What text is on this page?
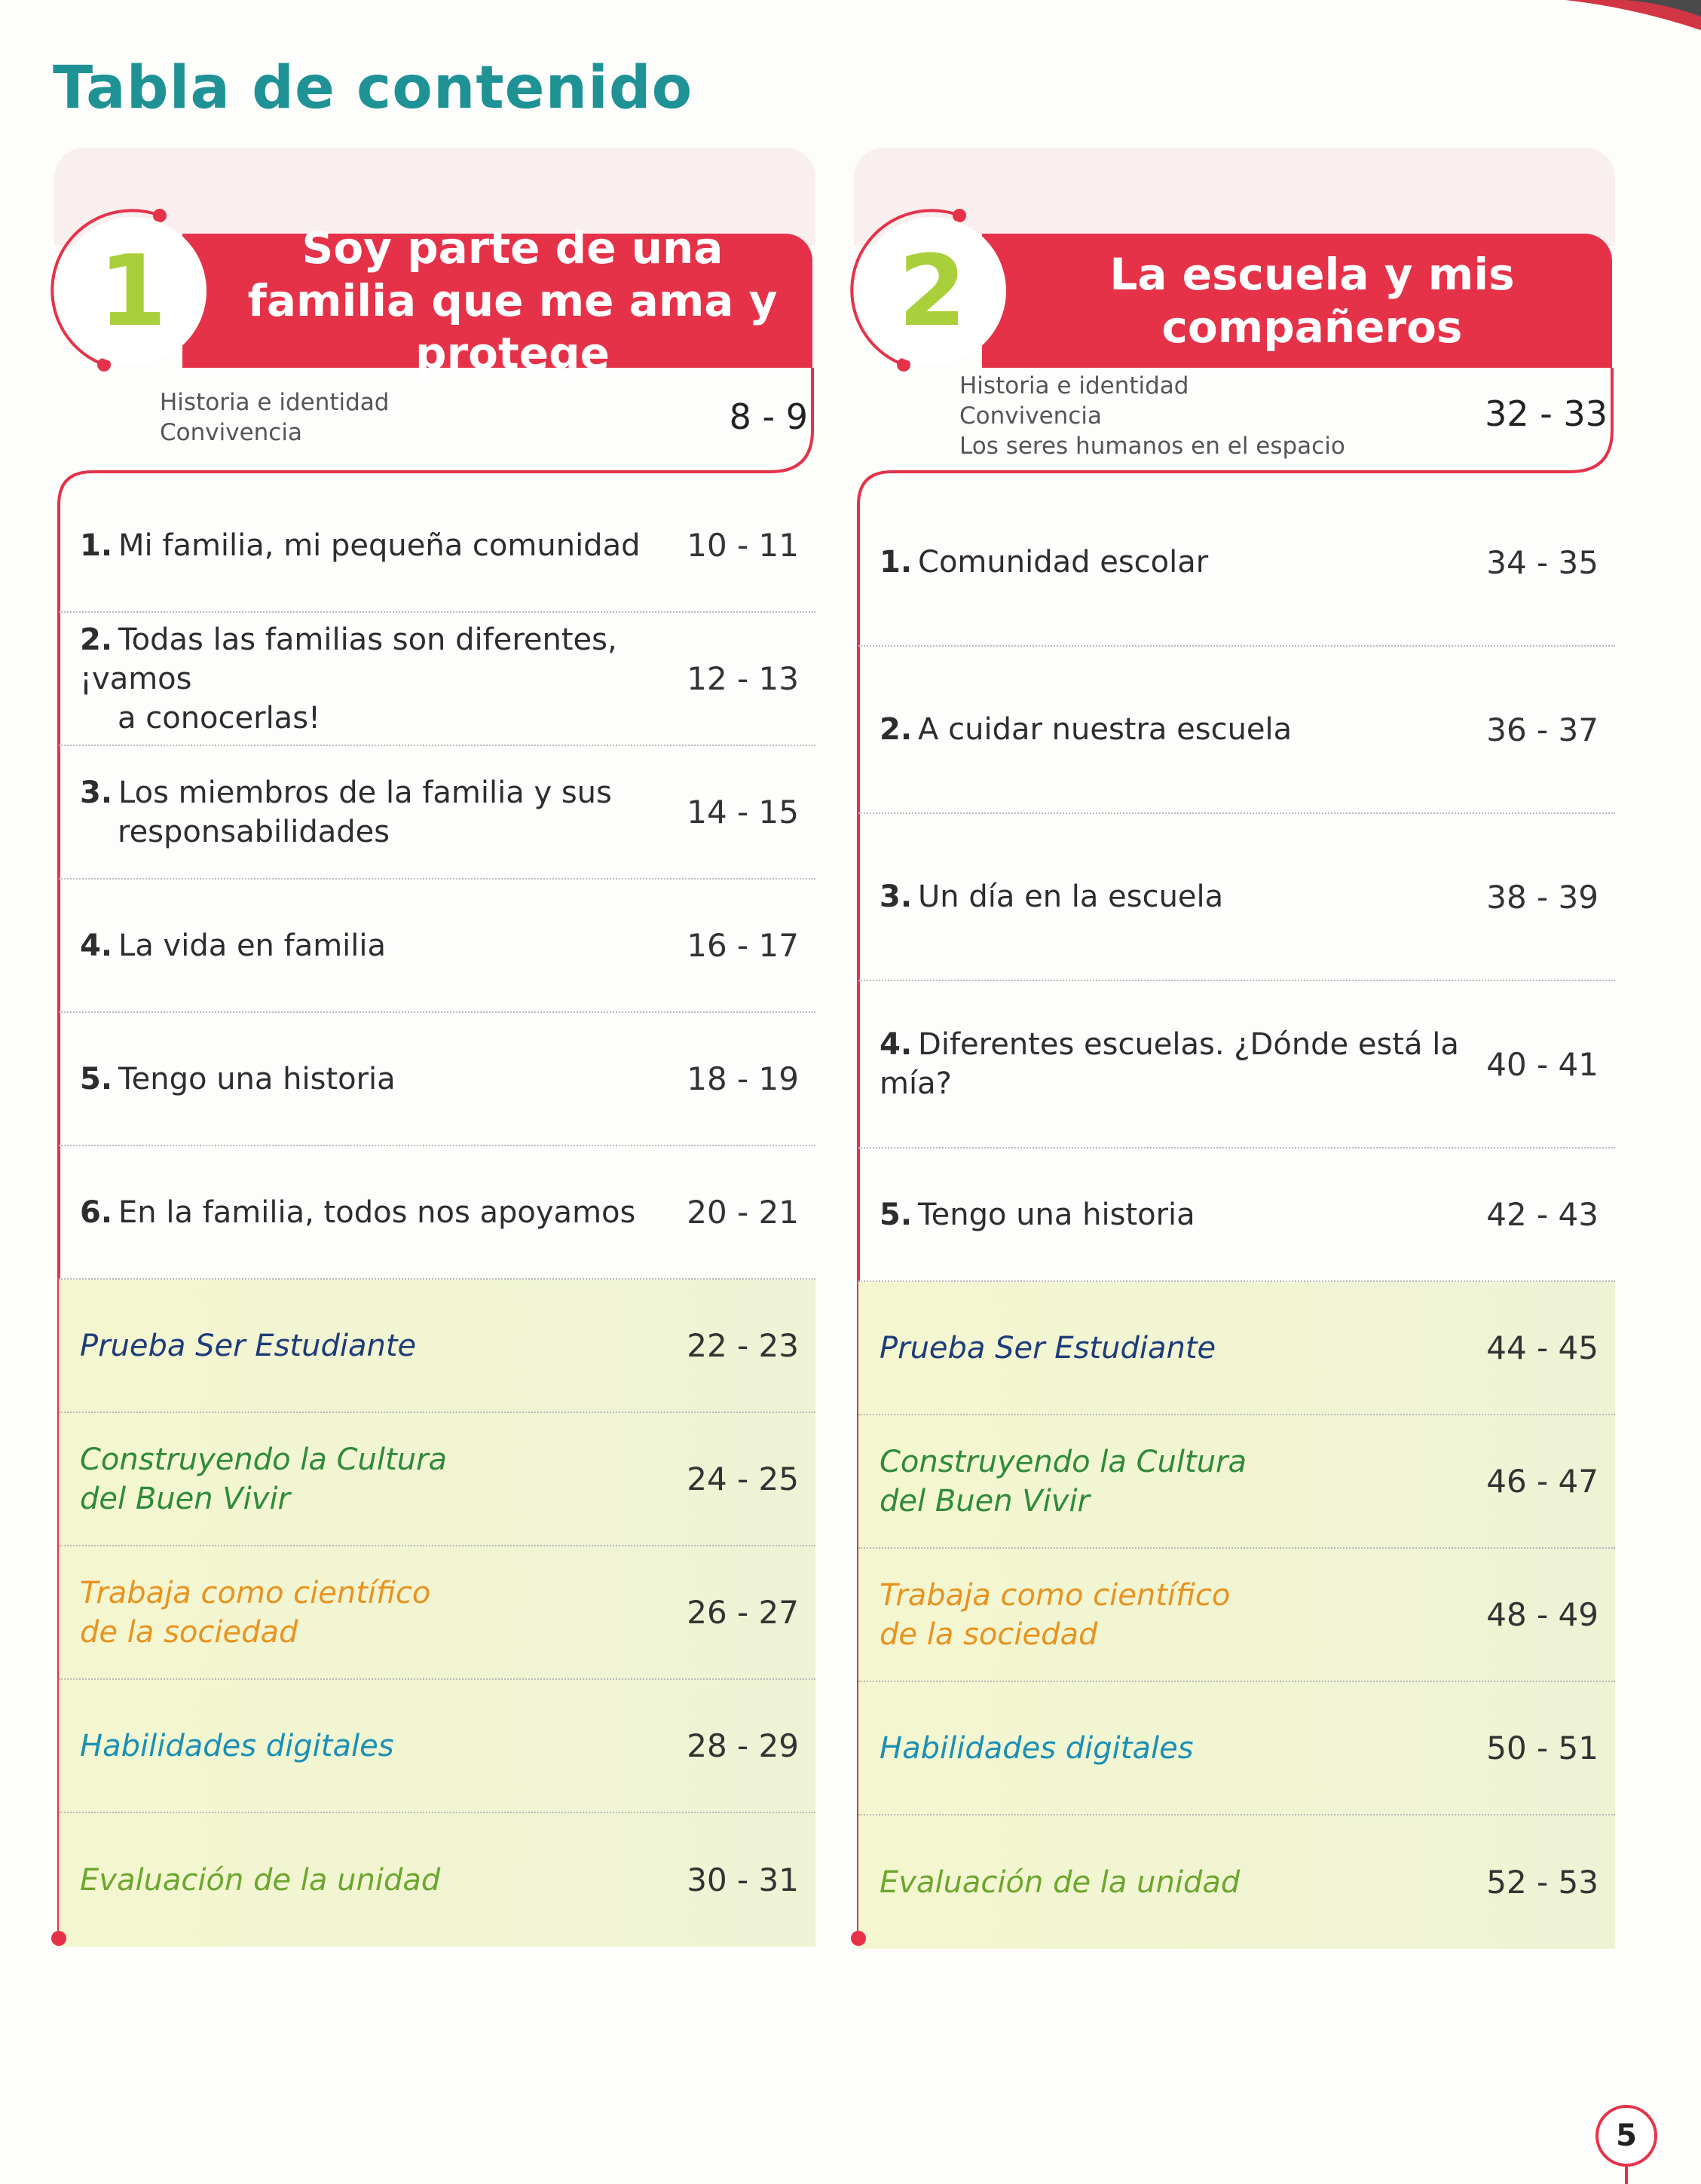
Tabla de contenido
Soy parte de una familia que me ama y protege
1
Historia e identidad
Convivencia	8 - 9
1. Mi familia, mi pequeña comunidad	10 - 11
2. Todas las familias son diferentes, ¡vamos
a conocerlas!
12 - 13
3. Los miembros de la familia y sus
responsabilidades
14 - 15
4. La vida en familia	16 - 17
5. Tengo una historia	18 - 19
6. En la familia, todos nos apoyamos	20 - 21
Prueba Ser Estudiante	22 - 23
Construyendo la Cultura
del Buen Vivir
24 - 25
Trabaja como científico
de la sociedad
26 - 27
Habilidades digitales	28 - 29
Evaluación de la unidad	30 - 31
La escuela y mis compañeros
2
Historia e identidad
Convivencia
Los seres humanos en el espacio
32 - 33
1. Comunidad escolar	34 - 35
2. A cuidar nuestra escuela	36 - 37
3. Un día en la escuela	38 - 39
4. Diferentes escuelas. ¿Dónde está la mía?
40 - 41
5. Tengo una historia	42 - 43
Prueba Ser Estudiante	44 - 45
Construyendo la Cultura
del Buen Vivir
46 - 47
Trabaja como científico
de la sociedad
48 - 49
Habilidades digitales	50 - 51
Evaluación de la unidad	52 - 53
5
